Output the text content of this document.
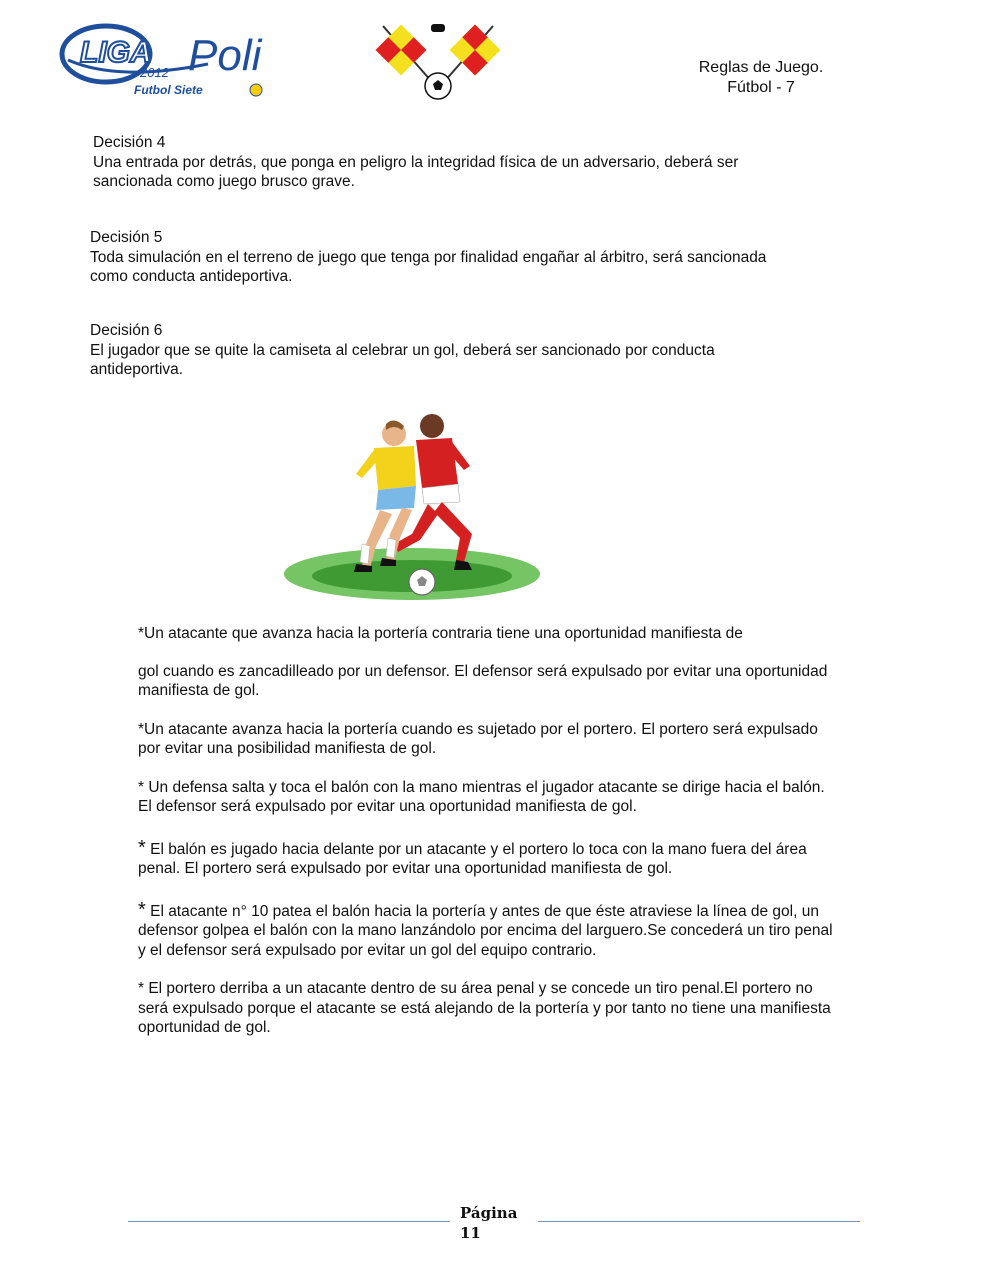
LIGA Poli
2012
Futbol Siete
Reglas de Juego.
Fútbol - 7
Decisión 4
Una entrada por detrás, que ponga en peligro la integridad física de un adversario, deberá ser sancionada como juego brusco grave.
Decisión 5
Toda simulación en el terreno de juego que tenga por finalidad engañar al árbitro, será sancionada como conducta antideportiva.
Decisión 6
El jugador que se quite la camiseta al celebrar un gol, deberá ser sancionado por conducta antideportiva.

*Un atacante que avanza hacia la portería contraria tiene una oportunidad manifiesta de

gol cuando es zancadilleado por un defensor. El defensor será expulsado por evitar una oportunidad manifiesta de gol.

*Un atacante avanza hacia la portería cuando es sujetado por el portero. El portero será expulsado por evitar una posibilidad manifiesta de gol.

* Un defensa salta y toca el balón con la mano mientras el jugador atacante se dirige hacia el balón. El defensor será expulsado por evitar una oportunidad manifiesta de gol.

* El balón es jugado hacia delante por un atacante y el portero lo toca con la mano fuera del área penal. El portero será expulsado por evitar una oportunidad manifiesta de gol.

* El atacante n° 10 patea el balón hacia la portería y antes de que éste atraviese la línea de gol, un defensor golpea el balón con la mano lanzándolo por encima del larguero.Se concederá un tiro penal y el defensor será expulsado por evitar un gol del equipo contrario.

* El portero derriba a un atacante dentro de su área penal y se concede un tiro penal.El portero no será expulsado porque el atacante se está alejando de la portería y por tanto no tiene una manifiesta oportunidad de gol.

Página
11
